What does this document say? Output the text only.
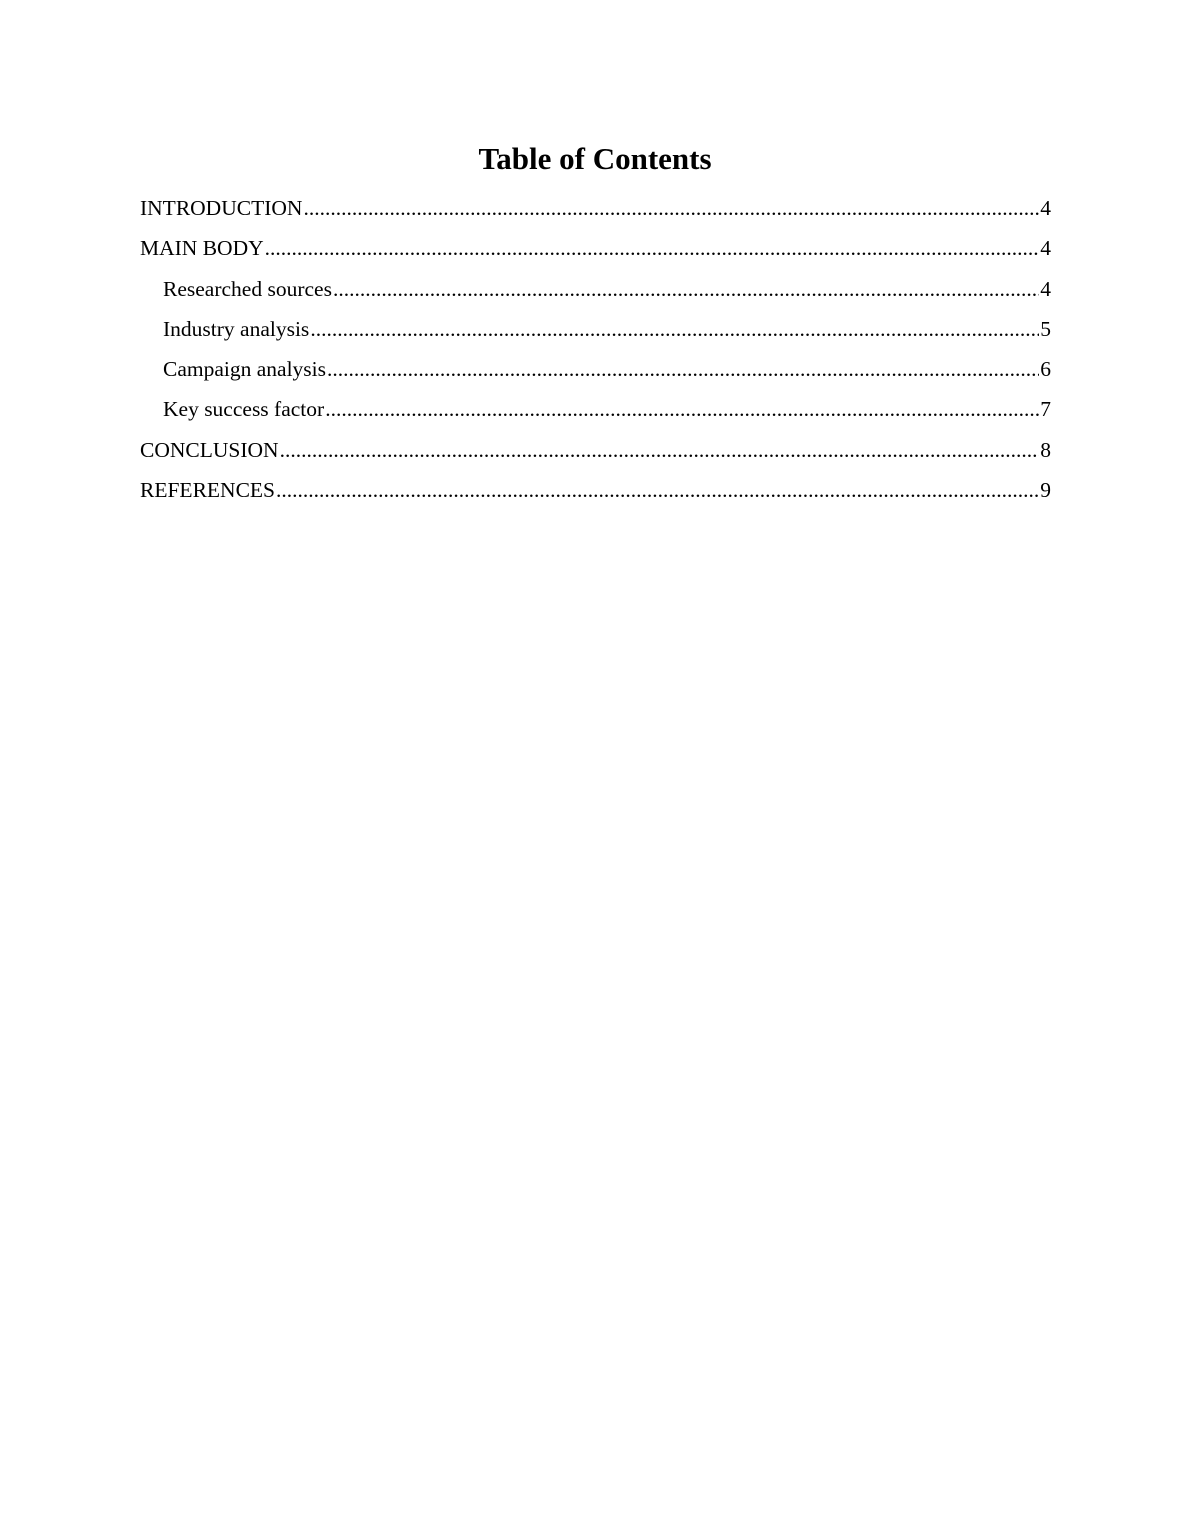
Table of Contents
INTRODUCTION .....	4
MAIN BODY .....	4
Researched sources .....	4
Industry analysis .....	5
Campaign analysis .....	6
Key success factor .....	7
CONCLUSION .....	8
REFERENCES .....	9
